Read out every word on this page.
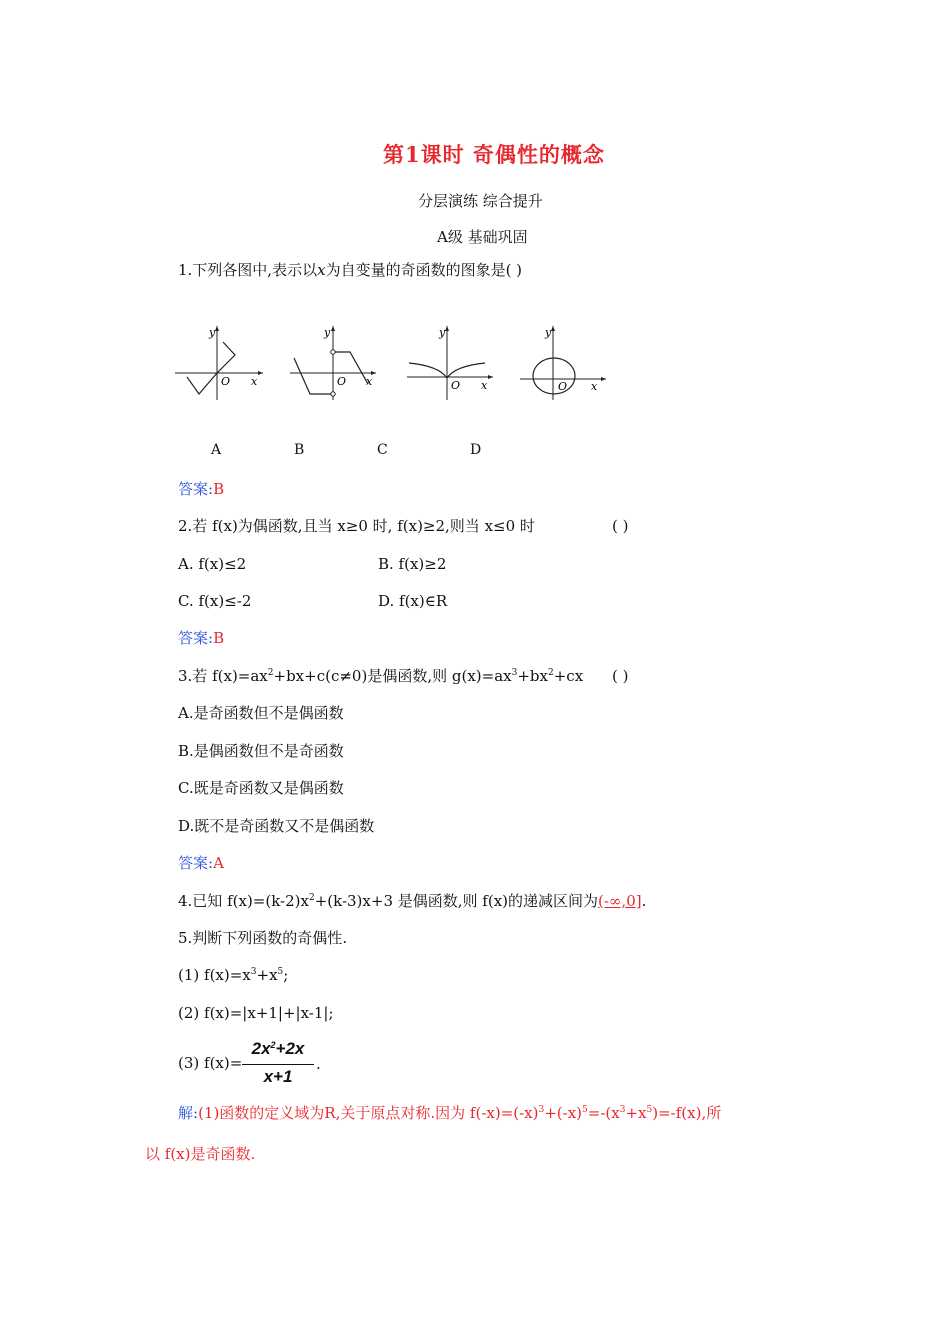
第1课时 奇偶性的概念
分层演练 综合提升
A级 基础巩固
1.下列各图中,表示以x为自变量的奇函数的图象是( )
y
O x
y
O x
y
O x
y
O x
A	B	C	D
答案:B
2.若 f(x)为偶函数,且当 x≥0 时, f(x)≥2,则当 x≤0 时	( )
A. f(x)≤2	B. f(x)≥2
C. f(x)≤-2	D. f(x)∈R
答案:B
3.若 $f(x)=ax^2+bx+c(c\ne 0)$是偶函数,则 $g(x)=ax^3+bx^2+cx$ ( )
A.是奇函数但不是偶函数
B.是偶函数但不是奇函数
C.既是奇函数又是偶函数
D.既不是奇函数又不是偶函数
答案:A
4.已知 $f(x)=(k-2)x^2+(k-3)x+3$ 是偶函数,则 f(x)的递减区间为(-∞,0].
5.判断下列函数的奇偶性.
(1) $f(x)=x^3+x^5$;
(2) f(x)=|x+1|+|x-1|;
(3) f(x)=
$2x^2+2x$
x+1
.
解:(1)函数的定义域为R,关于原点对称.因为 $f(-x)=(-x)^3+(-x)^5=-(x^3+x^5)=-f(x)$,所
以 f(x)是奇函数.
